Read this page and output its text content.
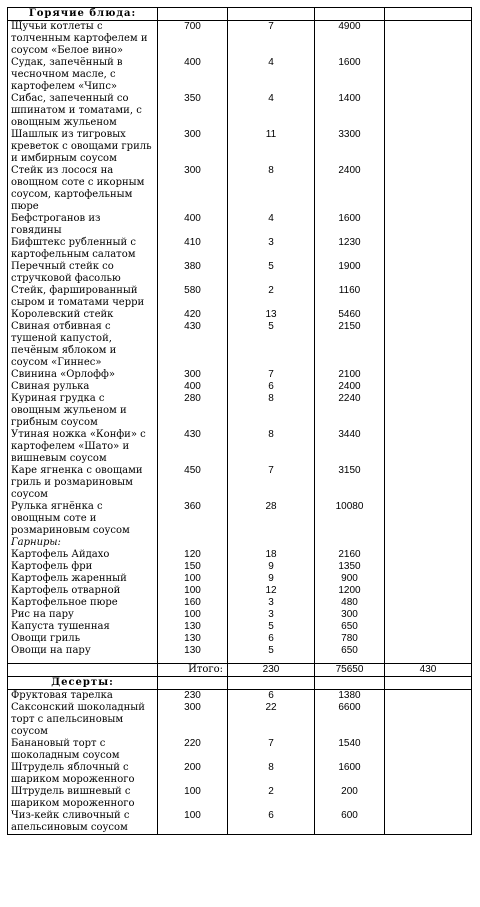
Горячие блюда:				
Щучьи котлеты с толченным картофелем и соусом «Белое вино»	700	7	4900	
Судак, запечённый в чесночном масле, с картофелем «Чипс»	400	4	1600	
Сибас, запеченный со шпинатом и томатами, с овощным жульеном	350	4	1400	
Шашлык из тигровых креветок с овощами гриль и имбирным соусом	300	11	3300	
Стейк из лосося на овощном соте с икорным соусом, картофельным пюре	300	8	2400	
Бефстроганов из говядины	400	4	1600	
Бифштекс рубленный с картофельным салатом	410	3	1230	
Перечный стейк со стручковой фасолью	380	5	1900	
Стейк, фаршированный сыром и томатами черри	580	2	1160	
Королевский стейк	420	13	5460	
Свиная отбивная с тушеной капустой, печёным яблоком и соусом «Гиннес»	430	5	2150	
Свинина «Орлофф»	300	7	2100	
Свиная рулька	400	6	2400	
Куриная грудка с овощным жульеном и грибным соусом	280	8	2240	
Утиная ножка «Конфи» с картофелем «Шато» и вишневым соусом	430	8	3440	
Каре ягненка с овощами гриль и розмариновым соусом	450	7	3150	
Рулька ягнёнка с овощным соте и розмариновым соусом	360	28	10080	
Гарниры:				
Картофель Айдахо	120	18	2160	
Картофель фри	150	9	1350	
Картофель жаренный	100	9	900	
Картофель отварной	100	12	1200	
Картофельное пюре	160	3	480	
Рис на пару	100	3	300	
Капуста тушенная	130	5	650	
Овощи гриль	130	6	780	
Овощи на пару	130	5	650	

	Итого:	230	75650	430
Десерты:				
Фруктовая тарелка	230	6	1380	
Саксонский шоколадный торт с апельсиновым соусом	300	22	6600	
Банановый торт с шоколадным соусом	220	7	1540	
Штрудель яблочный с шариком мороженного	200	8	1600	
Штрудель вишневый с шариком мороженного	100	2	200	
Чиз-кейк сливочный с апельсиновым соусом	100	6	600	
